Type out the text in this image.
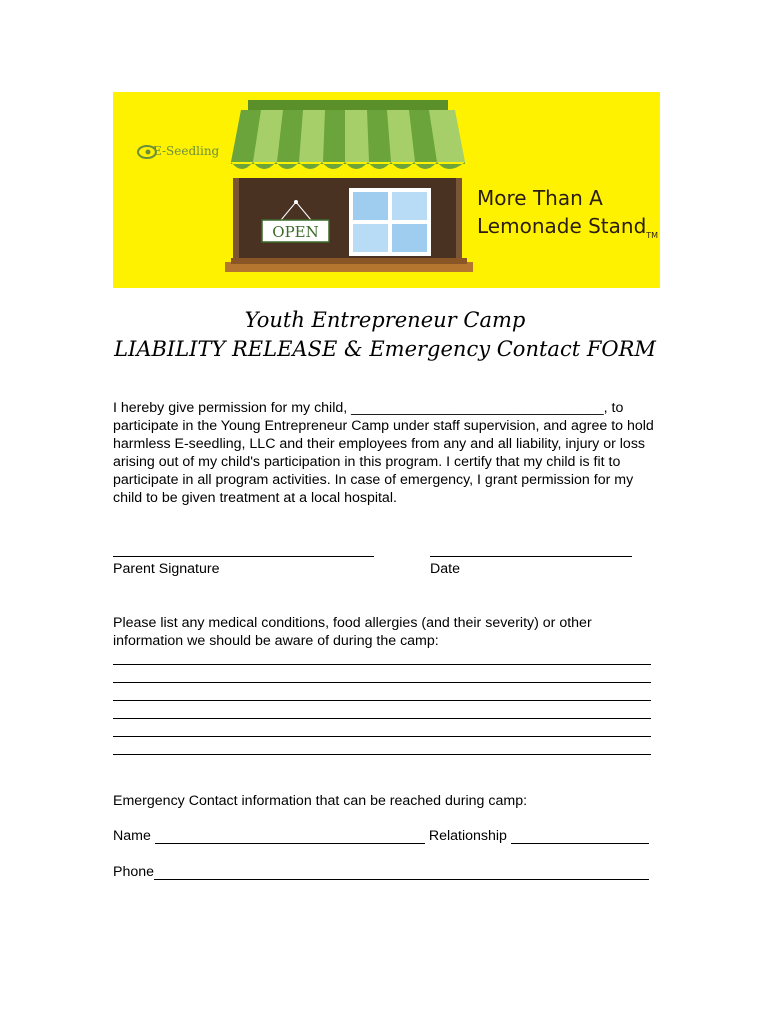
OPEN
E-Seedling
More Than A
Lemonade Stand$_{TM}$
Youth Entrepreneur Camp
LIABILITY RELEASE & Emergency Contact FORM
I hereby give permission for my child, ________________________________, to participate in the Young Entrepreneur Camp under staff supervision, and agree to hold harmless E-seedling, LLC and their employees from any and all liability, injury or loss arising out of my child's participation in this program. I certify that my child is fit to participate in all program activities. In case of emergency, I grant permission for my child to be given treatment at a local hospital.
Parent Signature	Date
Please list any medical conditions, food allergies (and their severity) or other information we should be aware of during the camp:
Emergency Contact information that can be reached during camp:
Name	Relationship
Phone
